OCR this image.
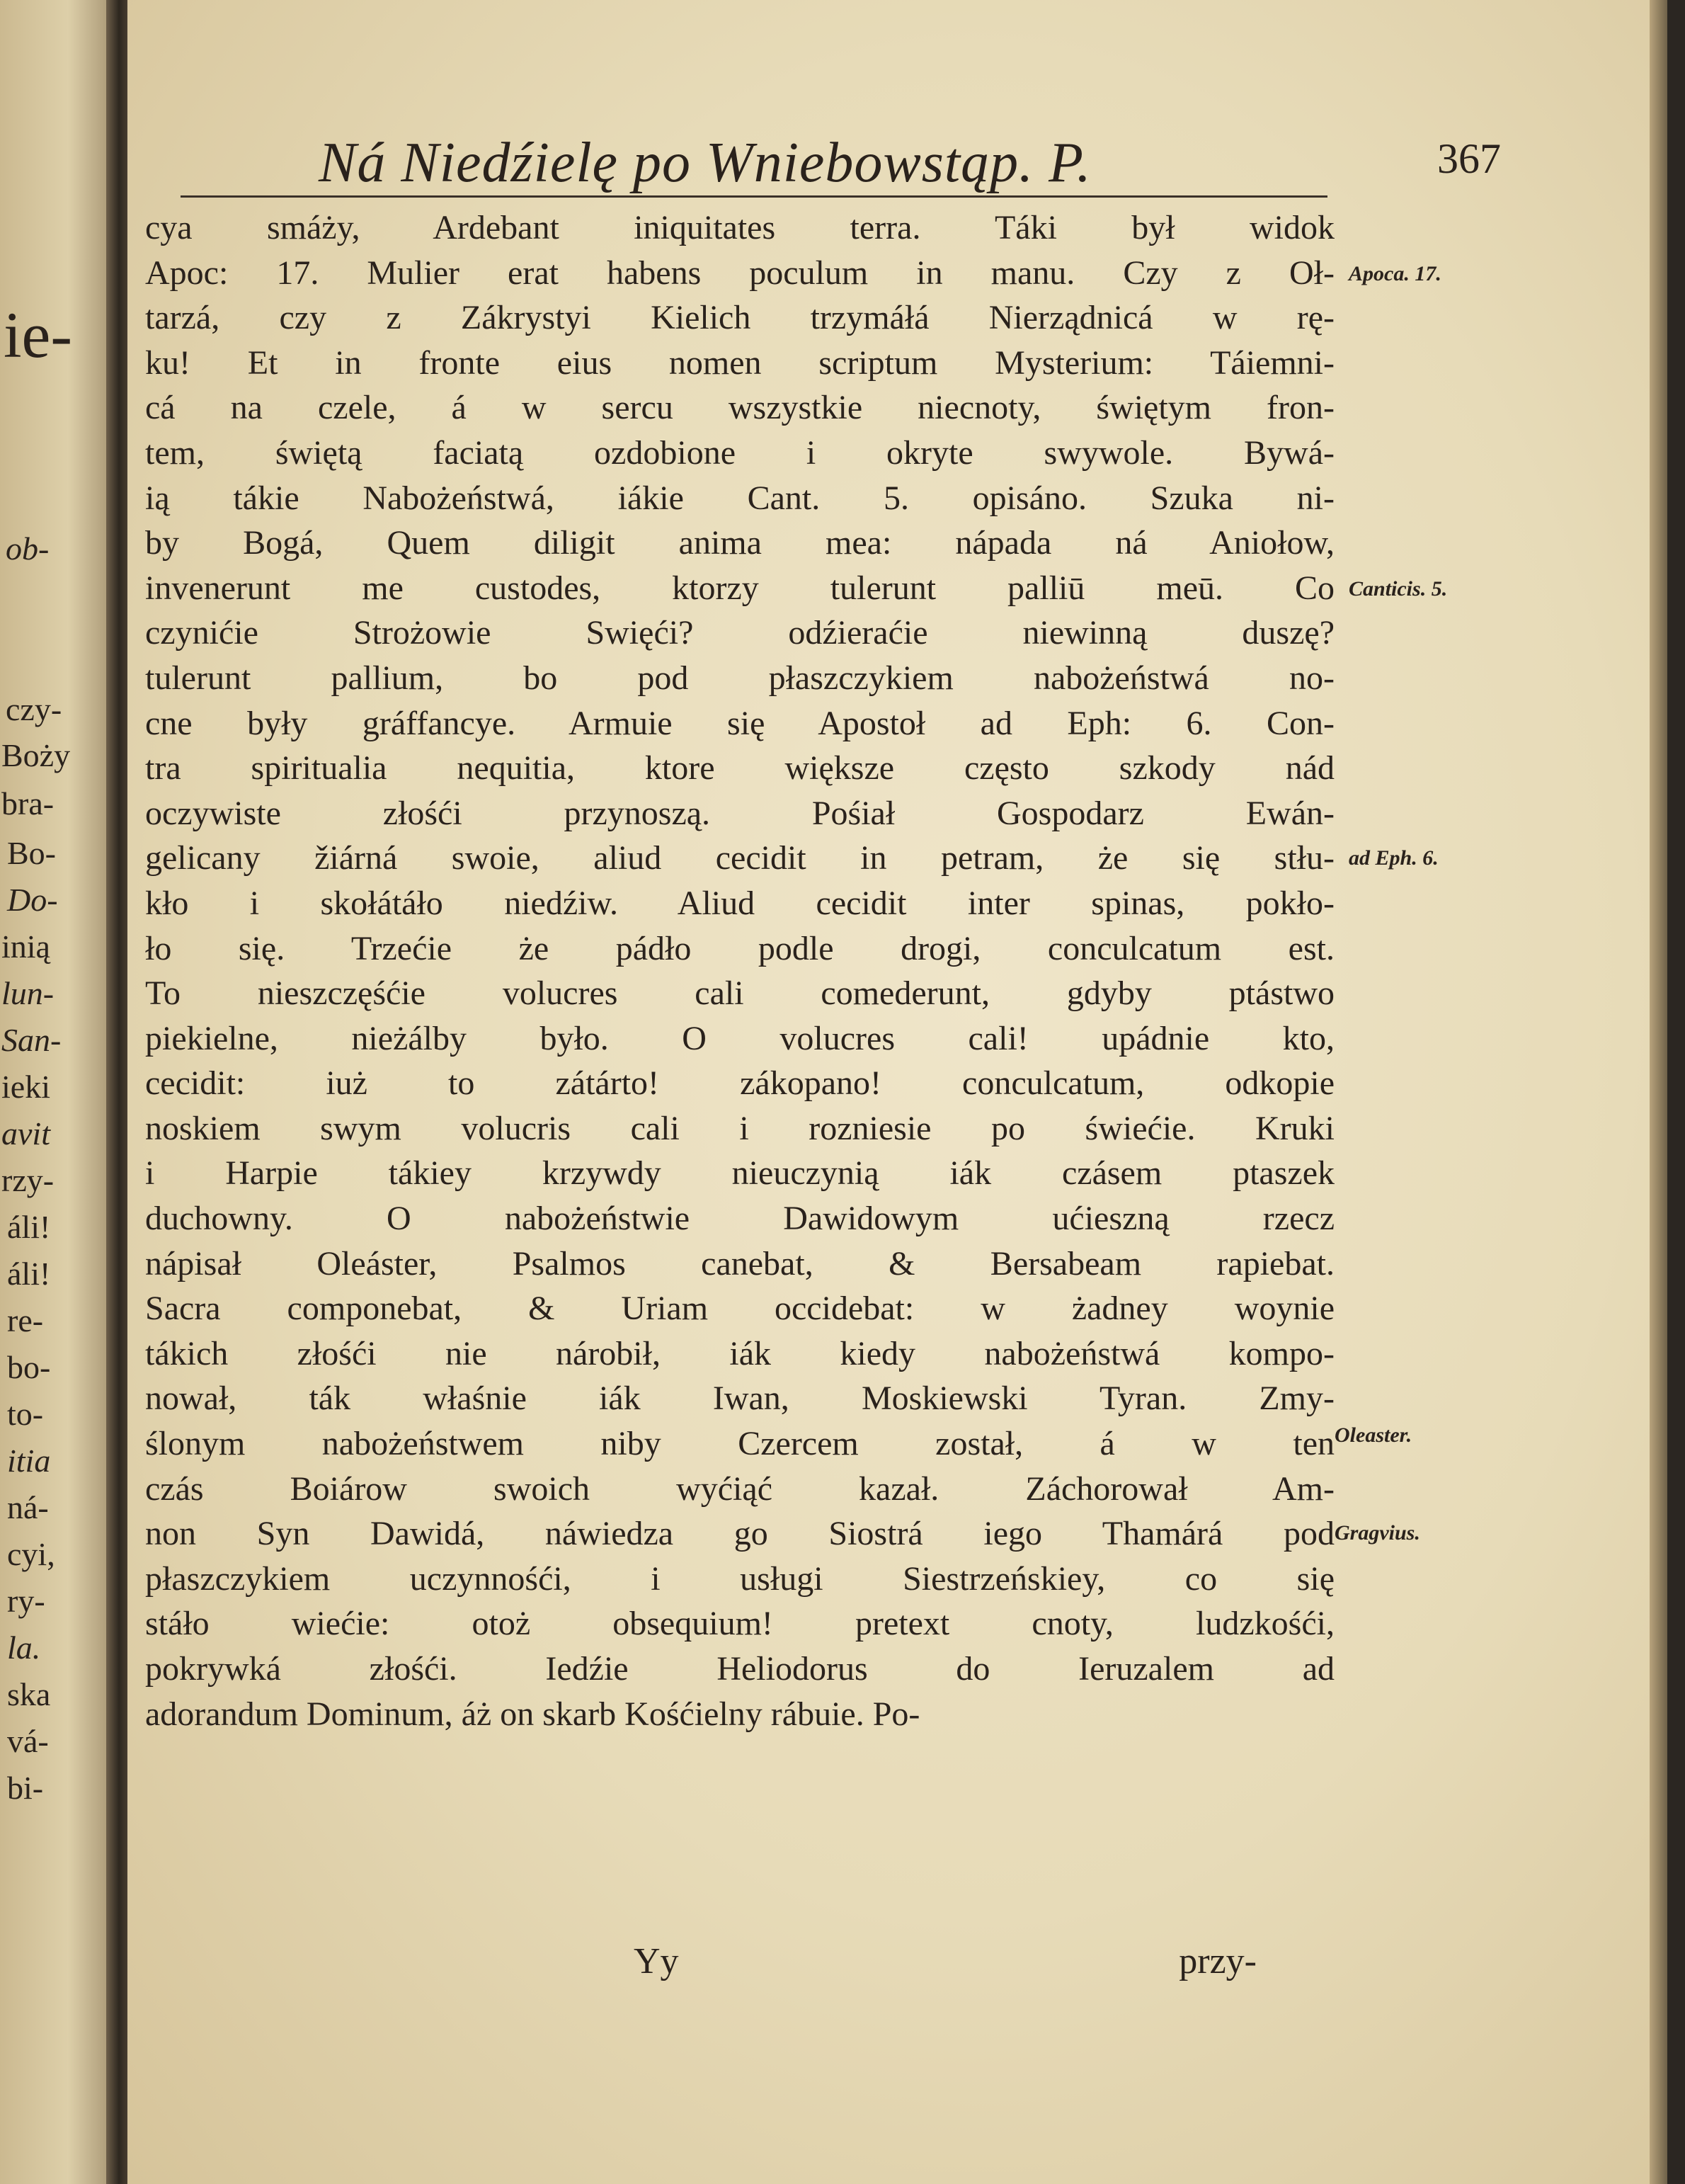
ie-
ob-
czy-
Boży
bra-
Bo-
Do-
inią
lun-
San-
ieki
avit
rzy-
áli!
áli!
re-
bo-
to-
itia
ná-
cyi,
ry-
la.
ska
vá-
bi-
Ná Niedźielę po Wniebowstąp. P.	367
cya smáży, Ardebant iniquitates terra. Táki był widok
Apoc: 17. Mulier erat habens poculum in manu. Czy z Oł-
tarzá, czy z Zákrystyi Kielich trzymáłá Nierządnicá w rę-
ku! Et in fronte eius nomen scriptum Mysterium: Táiemni-
cá na czele, á w sercu wszystkie niecnoty, świętym fron-
tem, świętą faciatą ozdobione i okryte swywole. Bywá-
ią tákie Nabożeństwá, iákie Cant. 5. opisáno. Szuka ni-
by Bogá, Quem diligit anima mea: nápada ná Aniołow,
invenerunt me custodes, ktorzy tulerunt palliū meū. Co
czynićie Strożowie Swięći? odźieraćie niewinną duszę?
tulerunt pallium, bo pod płaszczykiem nabożeństwá no-
cne były gráffancye. Armuie się Apostoł ad Eph: 6. Con-
tra spiritualia nequitia, ktore większe często szkody nád
oczywiste złośći przynoszą. Pośiał Gospodarz Ewán-
gelicany žiárná swoie, aliud cecidit in petram, że się stłu-
kło i skołátáło niedźiw. Aliud cecidit inter spinas, pokło-
ło się. Trzećie że pádło podle drogi, conculcatum est.
To nieszczęśćie volucres cali comederunt, gdyby ptástwo
piekielne, nieżálby było. O volucres cali! upádnie kto,
cecidit: iuż to zátárto! zákopano! conculcatum, odkopie
noskiem swym volucris cali i rozniesie po świećie. Kruki
i Harpie tákiey krzywdy nieuczynią iák czásem ptaszek
duchowny. O nabożeństwie Dawidowym ućieszną rzecz
nápisał Oleáster, Psalmos canebat, & Bersabeam rapiebat.
Sacra componebat, & Uriam occidebat: w żadney woynie
tákich złośći nie nárobił, iák kiedy nabożeństwá kompo-
nował, ták właśnie iák Iwan, Moskiewski Tyran. Zmy-
ślonym nabożeństwem niby Czercem został, á w ten
czás Boiárow swoich wyćiąć kazał. Záchorował Am-
non Syn Dawidá, náwiedza go Siostrá iego Thamárá pod
płaszczykiem uczynnośći, i usługi Siestrzeńskiey, co się
stáło wiećie: otoż obsequium! pretext cnoty, ludzkośći,
pokrywká złośći. Iedźie Heliodorus do Ieruzalem ad
adorandum Dominum, áż on skarb Kośćielny rábuie. Po-
Apoca. 17.
Canticis. 5.
ad Eph. 6.
Oleaster.
Gragvius.
Yy	przy-
